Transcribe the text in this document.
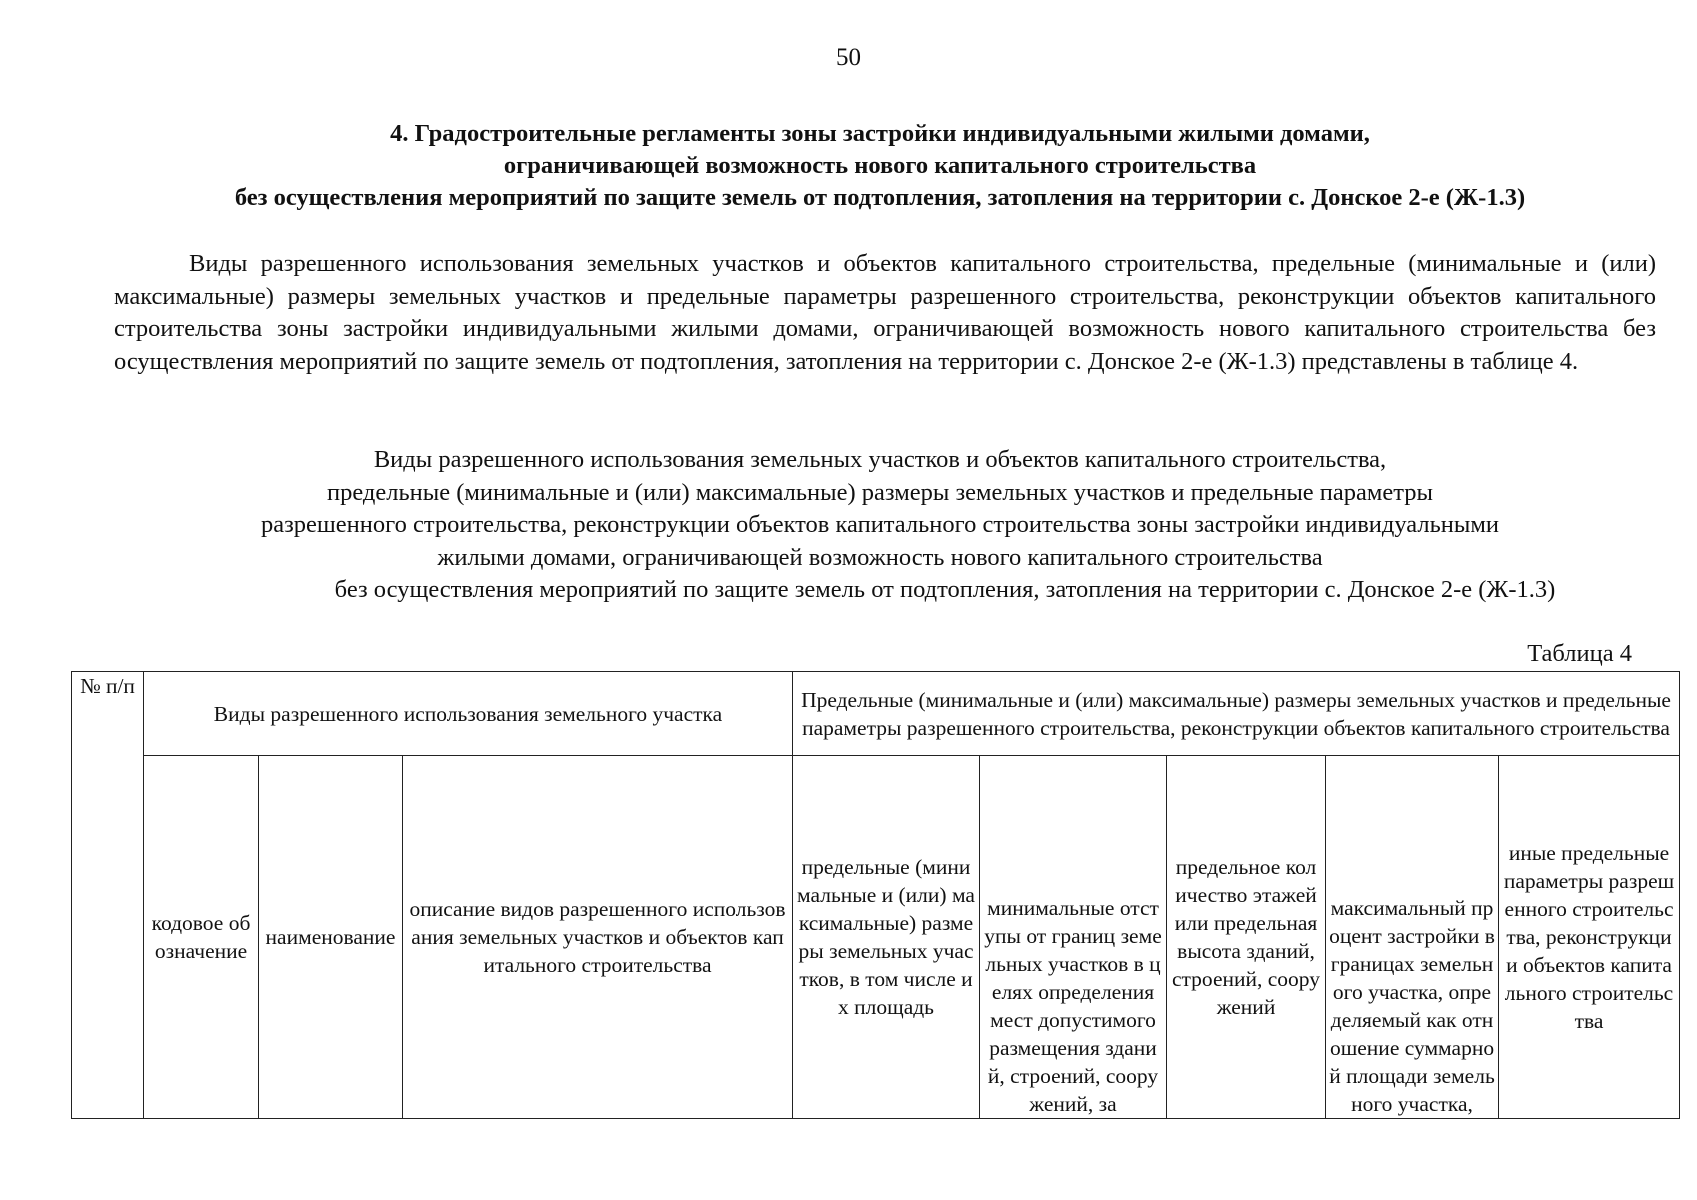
50
4. Градостроительные регламенты зоны застройки индивидуальными жилыми домами,
ограничивающей возможность нового капитального строительства
без осуществления мероприятий по защите земель от подтопления, затопления на территории с. Донское 2-е (Ж-1.3)

Виды разрешенного использования земельных участков и объектов капитального строительства, предельные (минимальные и (или) максимальные) размеры земельных участков и предельные параметры разрешенного строительства, реконструкции объектов капитального строительства зоны застройки индивидуальными жилыми домами, ограничивающей возможность нового капитального строительства без осуществления мероприятий по защите земель от подтопления, затопления на территории с. Донское 2-е (Ж-1.3) представлены в таблице 4.

Виды разрешенного использования земельных участков и объектов капитального строительства,
предельные (минимальные и (или) максимальные) размеры земельных участков и предельные параметры
разрешенного строительства, реконструкции объектов капитального строительства зоны застройки индивидуальными
жилыми домами, ограничивающей возможность нового капитального строительства
без осуществления мероприятий по защите земель от подтопления, затопления на территории с. Донское 2-е (Ж-1.3)
Таблица 4
№ п/п	Виды разрешенного использования земельного участка			Предельные (минимальные и (или) максимальные) размеры земельных участков и предельные параметры разрешенного строительства, реконструкции объектов капитального строительства				
	кодовое обозначение	наименование	описание видов разрешенного использования земельных участков и объектов капитального строительства	предельные (минимальные и (или) максимальные) размеры земельных участков, в том числе их площадь	минимальные отступы от границ земельных участков в целях определения мест допустимого размещения зданий, строений, сооружений, за	предельное количество этажей или предельная высота зданий, строений, сооружений	максимальный процент застройки в границах земельного участка, определяемый как отношение суммарной площади земельного участка,	иные предельные параметры разрешенного строительства, реконструкции объектов капитального строительства
